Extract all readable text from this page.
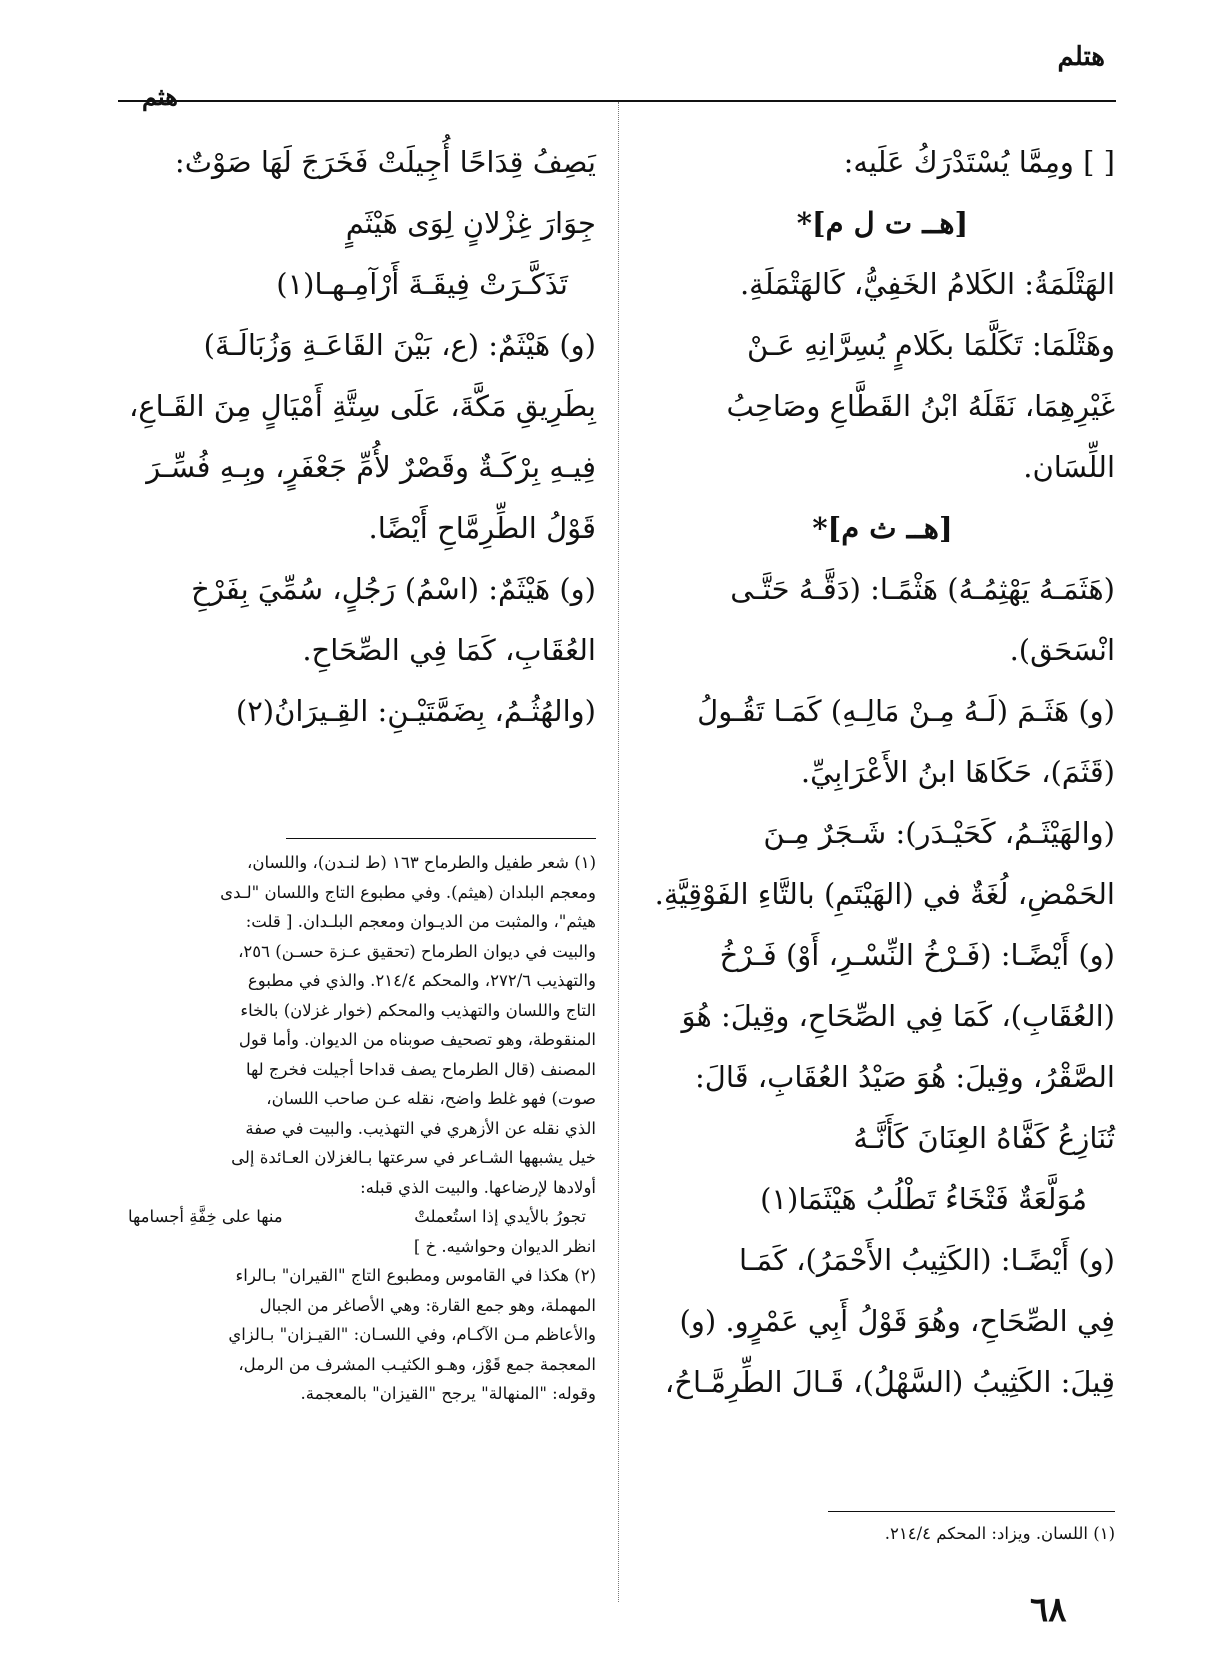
هتلم
هثم

[ ] ومِمَّا يُسْتَدْرَكُ عَلَيه:

[هــ ت ل م]*

الهَتْلَمَةُ: الكَلامُ الخَفِيُّ، كَالهَتْمَلَةِ.

وهَتْلَمَا: تَكَلَّمَا بكَلامٍ يُسِرَّانِهِ عَـنْ

غَيْرِهِمَا، نَقَلَهُ ابْنُ القَطَّاعِ وصَاحِبُ اللِّسَان.

[هــ ث م]*

(هَثَمَـهُ يَهْثِمُـهُ) هَثْمًـا: (دَقَّـهُ حَتَّـى

انْسَحَق).

(و) هَثَـمَ (لَـهُ مِـنْ مَالِـهِ) كَمَـا تَقُـولُ

(قَثَمَ)، حَكَاهَا ابنُ الأَعْرَابِيِّ.

(والهَيْثَـمُ، كَحَيْـدَر): شَـجَرٌ مِـنَ

الحَمْضِ، لُغَةٌ في (الهَيْتَمِ) بالتَّاءِ الفَوْقِيَّةِ.

(و) أَيْضًـا: (فَـرْخُ النِّسْـرِ، أَوْ) فَـرْخُ

(العُقَابِ)، كَمَا فِي الصِّحَاحِ، وقِيلَ: هُوَ

الصَّقْرُ، وقِيلَ: هُوَ صَيْدُ العُقَابِ، قَالَ:

تُنَازِعُ كَفَّاهُ العِنَانَ كَأَنَّـهُ

مُوَلَّعَةٌ فَتْخَاءُ تَطْلُبُ هَيْثَمَا(١)

(و) أَيْضًـا: (الكَثِيبُ الأَحْمَرُ)، كَمَـا

فِي الصِّحَاحِ، وهُوَ قَوْلُ أَبِي عَمْرٍو. (و)

قِيلَ: الكَثِيبُ (السَّهْلُ)، قَـالَ الطِّرِمَّـاحُ،

يَصِفُ قِدَاحًا أُجِيلَتْ فَخَرَجَ لَهَا صَوْتٌ:

جِوَارَ غِزْلانٍ لِوَى هَيْثَمٍ

تَذَكَّـرَتْ فِيقَـةَ أَرْآمِـهـا(١)

(و) هَيْثَمٌ: (ع، بَيْنَ القَاعَـةِ وَزُبَالَـةَ)

بِطَرِيقِ مَكَّةَ، عَلَى سِتَّةِ أَمْيَالٍ مِنَ القَـاعِ،

فِيـهِ بِرْكَـةٌ وقَصْرٌ لأُمِّ جَعْفَرٍ، وبِـهِ فُسِّـرَ

قَوْلُ الطِّرِمَّاحِ أَيْضًا.

(و) هَيْثَمٌ: (اسْمُ) رَجُلٍ، سُمِّيَ بِفَرْخِ

العُقَابِ، كَمَا فِي الصِّحَاحِ.

(والهُثُـمُ، بِضَمَّتَيْـنِ: القِـيرَانُ(٢)

(١) شعر طفيل والطرماح ١٦٣ (ط لنـدن)، واللسان،

ومعجم البلدان (هيثم). وفي مطبوع التاج واللسان "لـدى

هيثم"، والمثبت من الديـوان ومعجم البلـدان. [ قلت:

والبيت في ديوان الطرماح (تحقيق عـزة حسـن) ٢٥٦،

والتهذيب ٢٧٢/٦، والمحكم ٢١٤/٤. والذي في مطبوع

التاج واللسان والتهذيب والمحكم (خوار غزلان) بالخاء

المنقوطة، وهو تصحيف صوبناه من الديوان. وأما قول

المصنف (قال الطرماح يصف قداحا أجيلت فخرج لها

صوت) فهو غلط واضح، نقله عـن صاحب اللسان،

الذي نقله عن الأزهري في التهذيب. والبيت في صفة

خيل يشبهها الشـاعر في سرعتها بـالغزلان العـائدة إلى

أولادها لإرضاعها. والبيت الذي قبله:

تجورُ بالأيدي إذا استُعملتْ
منها على خِفَّةِ أجسامها

انظر الديوان وحواشيه. خ ]

(٢) هكذا في القاموس ومطبوع التاج "القيران" بـالراء

المهملة، وهو جمع القارة: وهي الأصاغر من الجبال

والأعاظم مـن الآكـام، وفي اللسـان: "القيـزان" بـالزاي

المعجمة جمع قَوْز، وهـو الكثيـب المشرف من الرمل،

وقوله: "المنهالة" يرجح "القيزان" بالمعجمة.

(١) اللسان. ويزاد: المحكم ٢١٤/٤.

٦٨
